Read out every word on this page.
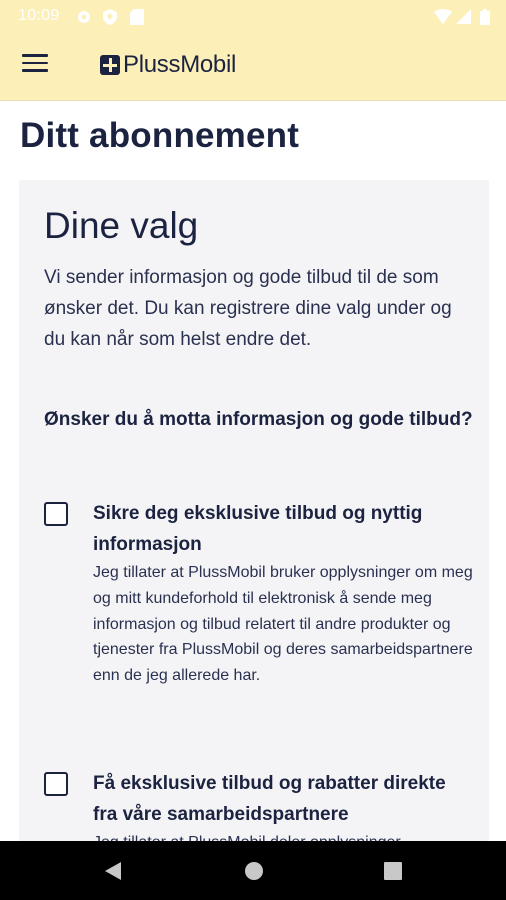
10:09
PlussMobil
Ditt abonnement
Dine valg

Vi sender informasjon og gode tilbud til de som ønsker det. Du kan registrere dine valg under og du kan når som helst endre det.

Ønsker du å motta informasjon og gode tilbud?

Sikre deg eksklusive tilbud og nyttig informasjon

Jeg tillater at PlussMobil bruker opplysninger om meg og mitt kundeforhold til elektronisk å sende meg informasjon og tilbud relatert til andre produkter og tjenester fra PlussMobil og deres samarbeidspartnere enn de jeg allerede har.

Få eksklusive tilbud og rabatter direkte fra våre samarbeidspartnere
